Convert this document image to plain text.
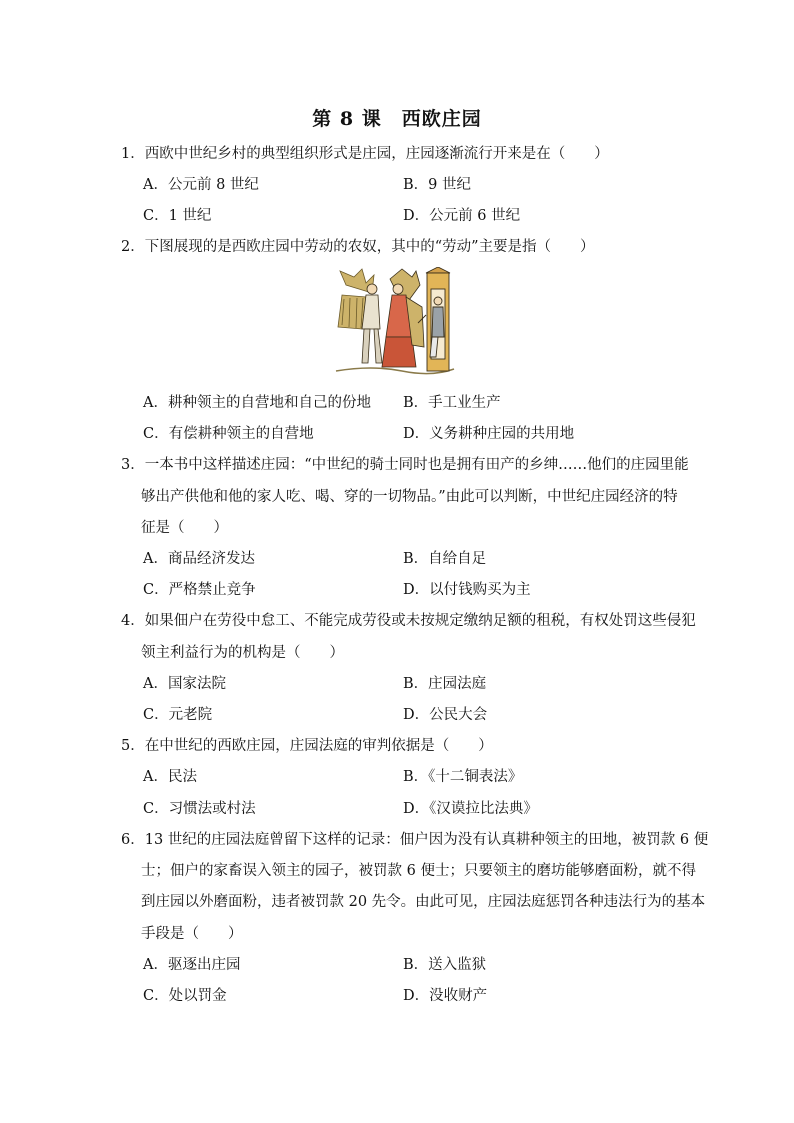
第 8 课　西欧庄园
1．西欧中世纪乡村的典型组织形式是庄园，庄园逐渐流行开来是在（　　）
A．公元前 8 世纪	B．9 世纪
C．1 世纪	D．公元前 6 世纪
2．下图展现的是西欧庄园中劳动的农奴，其中的“劳动”主要是指（　　）
A．耕种领主的自营地和自己的份地 B．手工业生产
C．有偿耕种领主的自营地	D．义务耕种庄园的共用地
3．一本书中这样描述庄园：“中世纪的骑士同时也是拥有田产的乡绅……他们的庄园里能
够出产供他和他的家人吃、喝、穿的一切物品。”由此可以判断，中世纪庄园经济的特
征是（　　）
A．商品经济发达	B．自给自足
C．严格禁止竞争	D．以付钱购买为主
4．如果佃户在劳役中怠工、不能完成劳役或未按规定缴纳足额的租税，有权处罚这些侵犯
领主利益行为的机构是（　　）
A．国家法院	B．庄园法庭
C．元老院	D．公民大会
5．在中世纪的西欧庄园，庄园法庭的审判依据是（　　）
A．民法	B．《十二铜表法》
C．习惯法或村法	D．《汉谟拉比法典》
6．13 世纪的庄园法庭曾留下这样的记录：佃户因为没有认真耕种领主的田地，被罚款 6 便
士；佃户的家畜误入领主的园子，被罚款 6 便士；只要领主的磨坊能够磨面粉，就不得
到庄园以外磨面粉，违者被罚款 20 先令。由此可见，庄园法庭惩罚各种违法行为的基本
手段是（　　）
A．驱逐出庄园	B．送入监狱
C．处以罚金	D．没收财产
